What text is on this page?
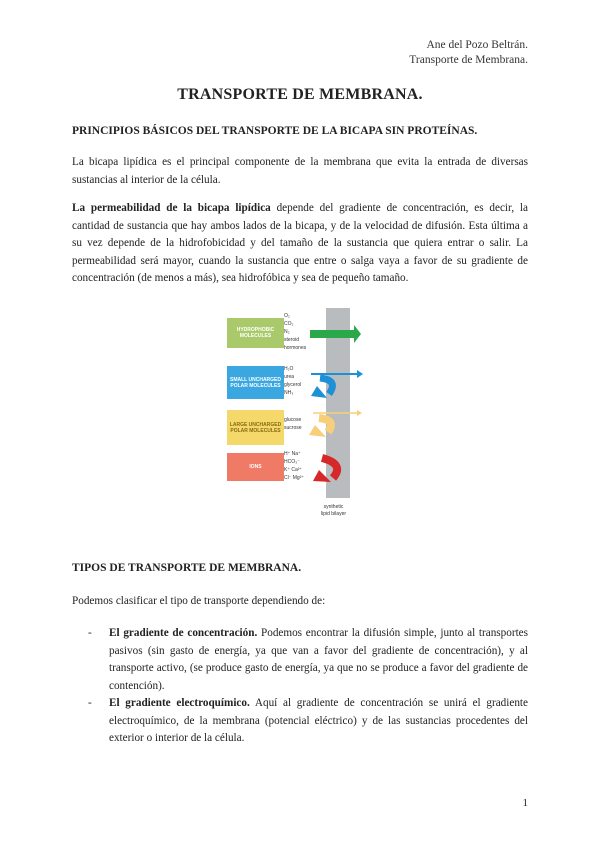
Ane del Pozo Beltrán.
Transporte de Membrana.
TRANSPORTE DE MEMBRANA.
PRINCIPIOS BÁSICOS DEL TRANSPORTE DE LA BICAPA SIN PROTEÍNAS.
La bicapa lipídica es el principal componente de la membrana que evita la entrada de diversas sustancias al interior de la célula.
La permeabilidad de la bicapa lipídica depende del gradiente de concentración, es decir, la cantidad de sustancia que hay ambos lados de la bicapa, y de la velocidad de difusión. Esta última a su vez depende de la hidrofobicidad y del tamaño de la sustancia que quiera entrar o salir. La permeabilidad será mayor, cuando la sustancia que entre o salga vaya a favor de su gradiente de concentración (de menos a más), sea hidrofóbica y sea de pequeño tamaño.
HYDROPHOBIC MOLECULES
O₂
CO₂
N₂
steroid
hormones
SMALL UNCHARGED POLAR MOLECULES
H₂O
urea
glycerol
NH₃
LARGE UNCHARGED POLAR MOLECULES
glucose
sucrose
IONS
H⁺ Na⁺
HCO₃⁻
K⁺ Ca²⁺
Cl⁻ Mg²⁺
synthetic
lipid bilayer
TIPOS DE TRANSPORTE DE MEMBRANA.
Podemos clasificar el tipo de transporte dependiendo de:
- El gradiente de concentración. Podemos encontrar la difusión simple, junto al transportes pasivos (sin gasto de energía, ya que van a favor del gradiente de concentración), y al transporte activo, (se produce gasto de energía, ya que no se produce a favor del gradiente de contención).
- El gradiente electroquímico. Aquí al gradiente de concentración se unirá el gradiente electroquímico, de la membrana (potencial eléctrico) y de las sustancias procedentes del exterior o interior de la célula.
1
